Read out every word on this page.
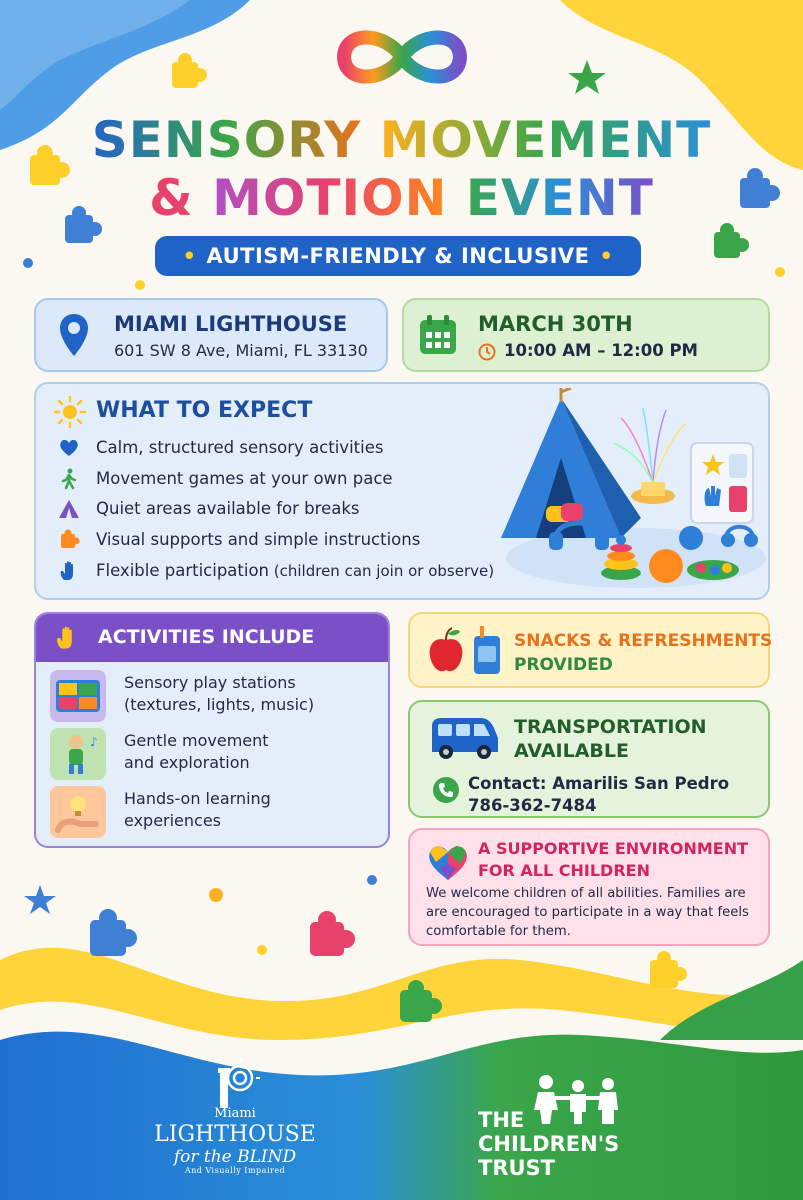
SENSORY MOVEMENT
& MOTION EVENT
• AUTISM-FRIENDLY & INCLUSIVE •
MIAMI LIGHTHOUSE
601 SW 8 Ave, Miami, FL 33130
MARCH 30TH
10:00 AM – 12:00 PM
WHAT TO EXPECT
Calm, structured sensory activities
Movement games at your own pace
Quiet areas available for breaks
Visual supports and simple instructions
Flexible participation (children can join or observe)
ACTIVITIES INCLUDE
Sensory play stations
(textures, lights, music)
♪ Gentle movement
and exploration
Hands-on learning
experiences
SNACKS & REFRESHMENTS
PROVIDED
TRANSPORTATION
AVAILABLE
Contact: Amarilis San Pedro
786-362-7484
A SUPPORTIVE ENVIRONMENT
FOR ALL CHILDREN
We welcome children of all abilities. Families are
are encouraged to participate in a way that feels
comfortable for them.
Miami
LIGHTHOUSE
for the BLIND
And Visually Impaired
THE
CHILDREN'S
TRUST
